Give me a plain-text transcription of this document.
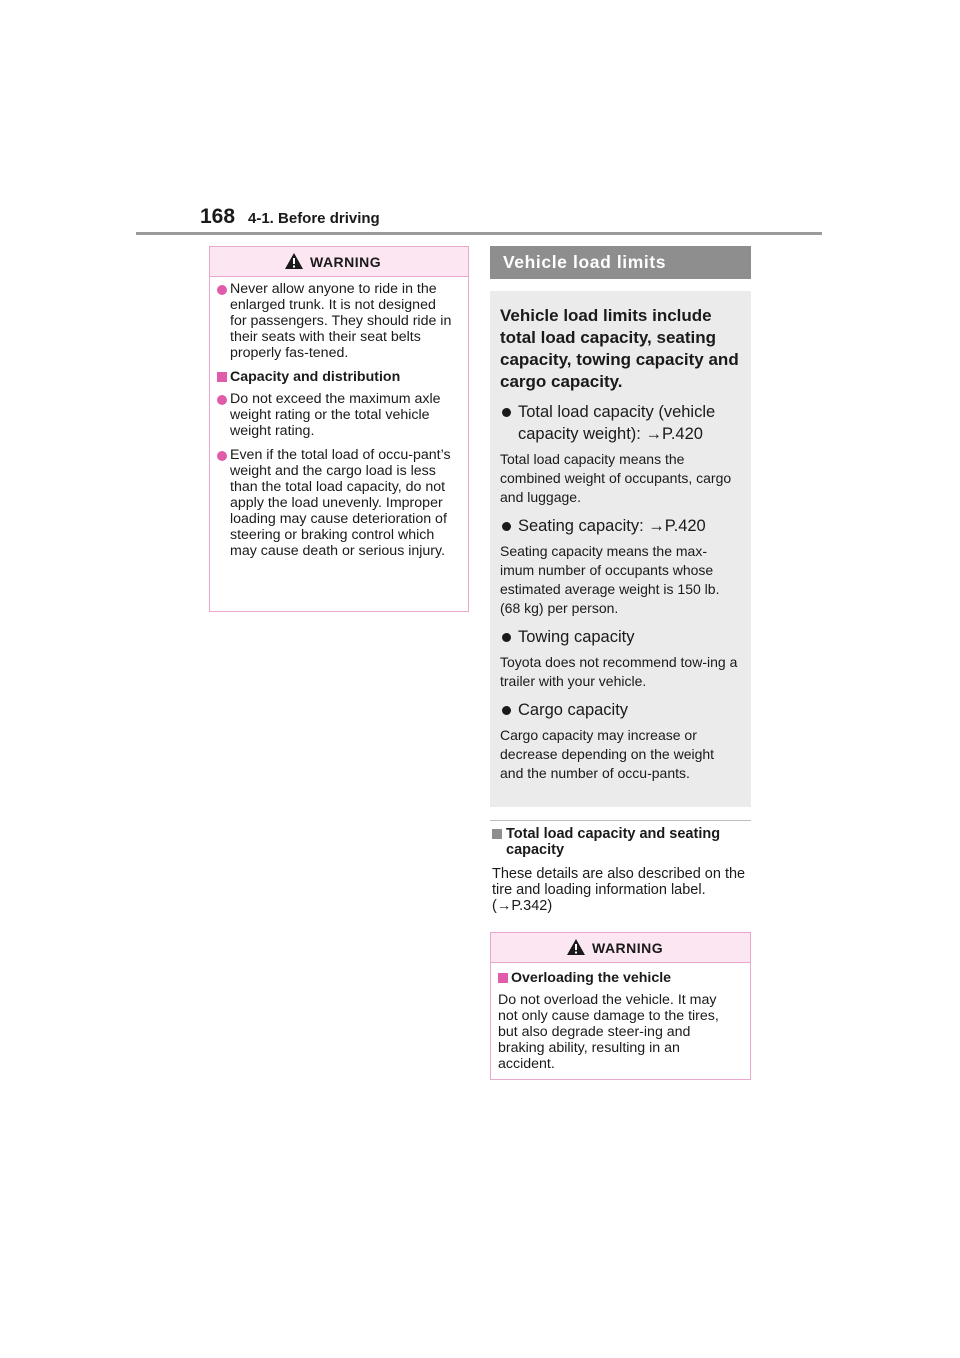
168 4-1. Before driving
WARNING
Never allow anyone to ride in the enlarged trunk. It is not designed for passengers. They should ride in their seats with their seat belts properly fas-tened.
Capacity and distribution
Do not exceed the maximum axle weight rating or the total vehicle weight rating.
Even if the total load of occu-pant’s weight and the cargo load is less than the total load capacity, do not apply the load unevenly. Improper loading may cause deterioration of steering or braking control which may cause death or serious injury.
Vehicle load limits
Vehicle load limits include total load capacity, seating capacity, towing capacity and cargo capacity.
Total load capacity (vehicle capacity weight): →P.420
Total load capacity means the combined weight of occupants, cargo and luggage.
Seating capacity: →P.420
Seating capacity means the max-imum number of occupants whose estimated average weight is 150 lb. (68 kg) per person.
Towing capacity
Toyota does not recommend tow-ing a trailer with your vehicle.
Cargo capacity
Cargo capacity may increase or decrease depending on the weight and the number of occu-pants.
Total load capacity and seating capacity
These details are also described on the tire and loading information label. (→P.342)
WARNING
Overloading the vehicle
Do not overload the vehicle. It may not only cause damage to the tires, but also degrade steer-ing and braking ability, resulting in an accident.
